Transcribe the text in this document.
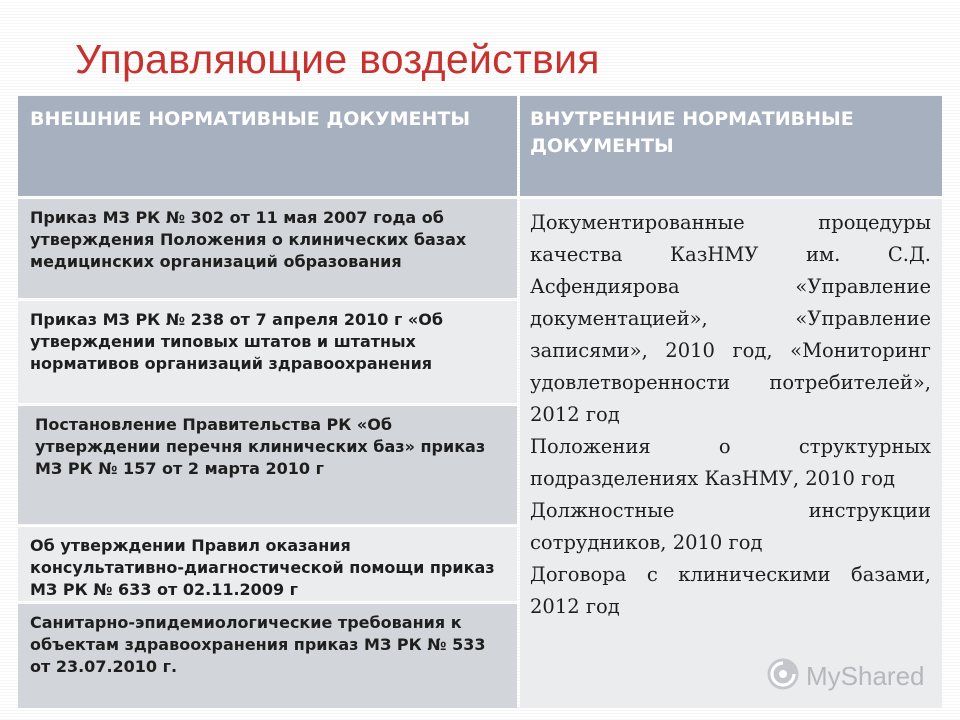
Управляющие воздействия
ВНЕШНИЕ НОРМАТИВНЫЕ ДОКУМЕНТЫ	ВНУТРЕННИЕ НОРМАТИВНЫЕ ДОКУМЕНТЫ
Приказ МЗ РК № 302 от 11 мая 2007 года об утверждения Положения о клинических базах медицинских организаций образования
Приказ МЗ РК № 238 от 7 апреля 2010 г «Об утверждении типовых штатов и штатных нормативов организаций здравоохранения
Постановление Правительства РК «Об утверждении перечня клинических баз» приказ МЗ РК № 157 от 2 марта 2010 г
Об утверждении Правил оказания консультативно-диагностической помощи приказ МЗ РК № 633 от 02.11.2009 г
Санитарно-эпидемиологические требования к объектам здравоохранения приказ МЗ РК № 533 от 23.07.2010 г.

Документированные процедуры качества КазНМУ им. С.Д. Асфендиярова «Управление документацией», «Управление записями», 2010 год, «Мониторинг удовлетворенности потребителей», 2012 год

Положения о структурных подразделениях КазНМУ, 2010 год

Должностные инструкции сотрудников, 2010 год

Договора с клиническими базами, 2012 год

MyShared
